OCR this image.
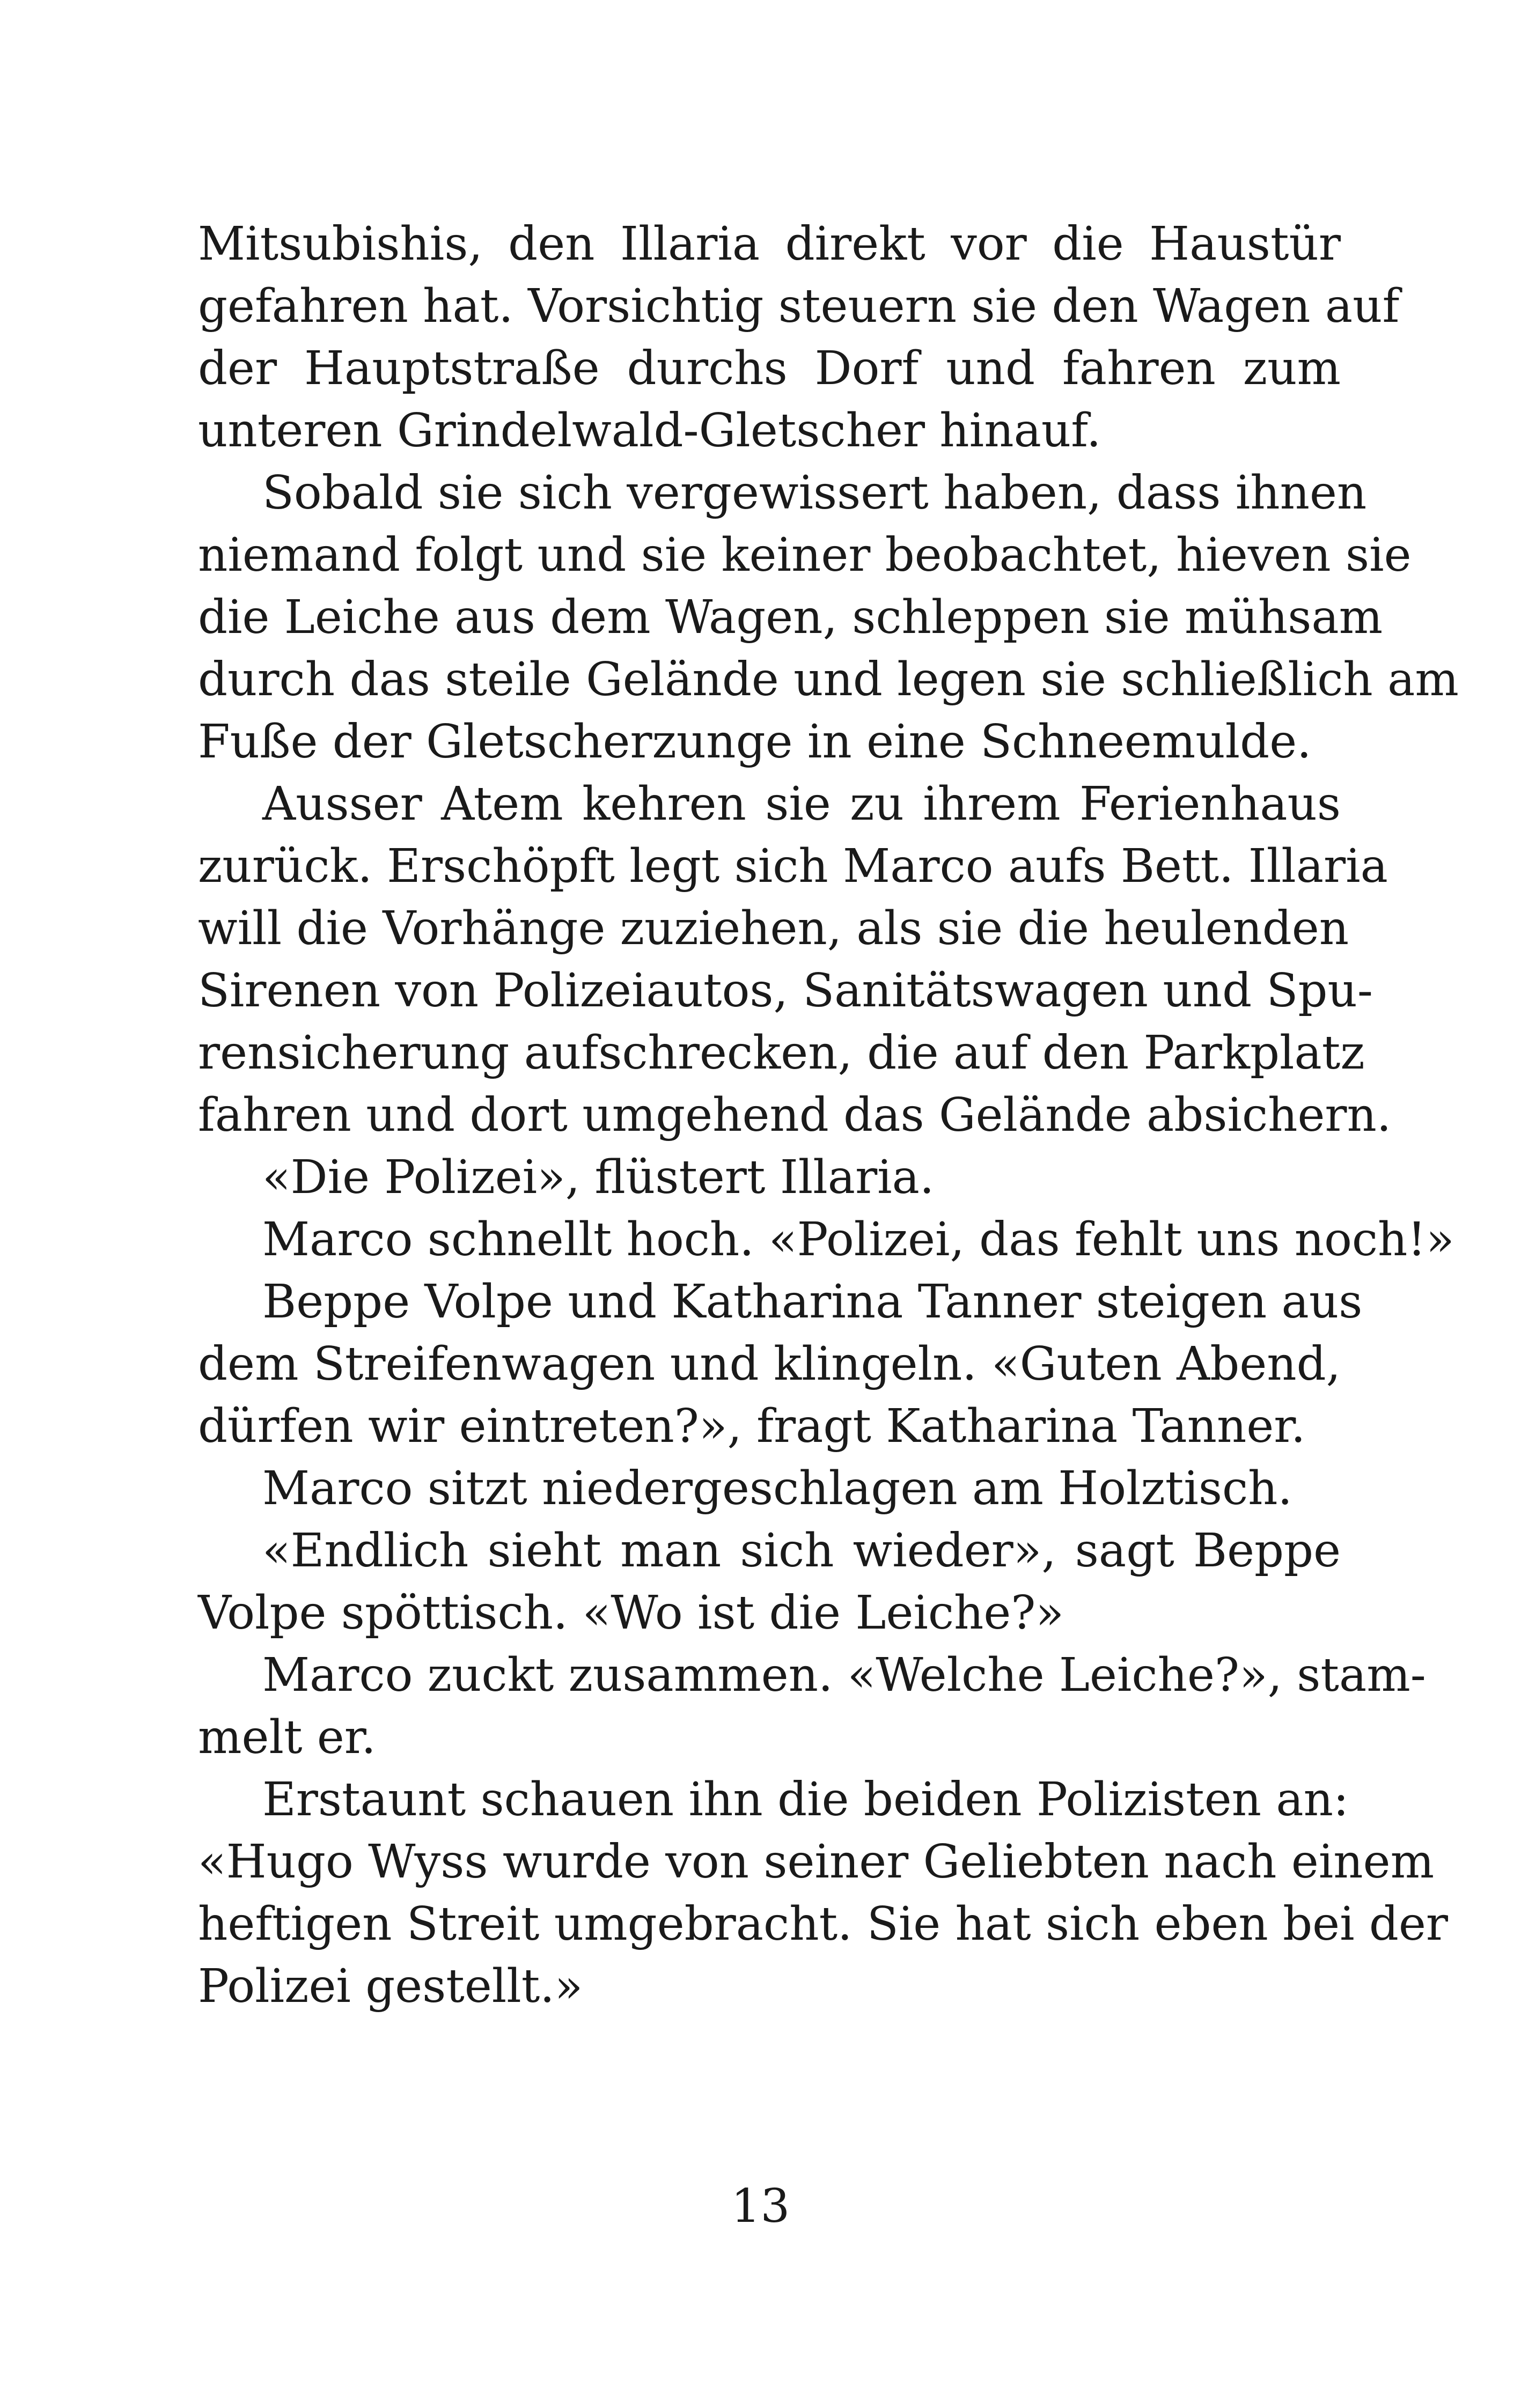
Mitsubishis, den Illaria direkt vor die Haustür
gefahren hat. Vorsichtig steuern sie den Wagen auf
der Hauptstraße durchs Dorf und fahren zum
unteren Grindelwald-Gletscher hinauf.
Sobald sie sich vergewissert haben, dass ihnen
niemand folgt und sie keiner beobachtet, hieven sie
die Leiche aus dem Wagen, schleppen sie mühsam
durch das steile Gelände und legen sie schließlich am
Fuße der Gletscherzunge in eine Schneemulde.
Ausser Atem kehren sie zu ihrem Ferienhaus
zurück. Erschöpft legt sich Marco aufs Bett. Illaria
will die Vorhänge zuziehen, als sie die heulenden
Sirenen von Polizeiautos, Sanitätswagen und Spu-
rensicherung aufschrecken, die auf den Parkplatz
fahren und dort umgehend das Gelände absichern.
«Die Polizei», flüstert Illaria.
Marco schnellt hoch. «Polizei, das fehlt uns noch!»
Beppe Volpe und Katharina Tanner steigen aus
dem Streifenwagen und klingeln. «Guten Abend,
dürfen wir eintreten?», fragt Katharina Tanner.
Marco sitzt niedergeschlagen am Holztisch.
«Endlich sieht man sich wieder», sagt Beppe
Volpe spöttisch. «Wo ist die Leiche?»
Marco zuckt zusammen. «Welche Leiche?», stam-
melt er.
Erstaunt schauen ihn die beiden Polizisten an:
«Hugo Wyss wurde von seiner Geliebten nach einem
heftigen Streit umgebracht. Sie hat sich eben bei der
Polizei gestellt.»
13
